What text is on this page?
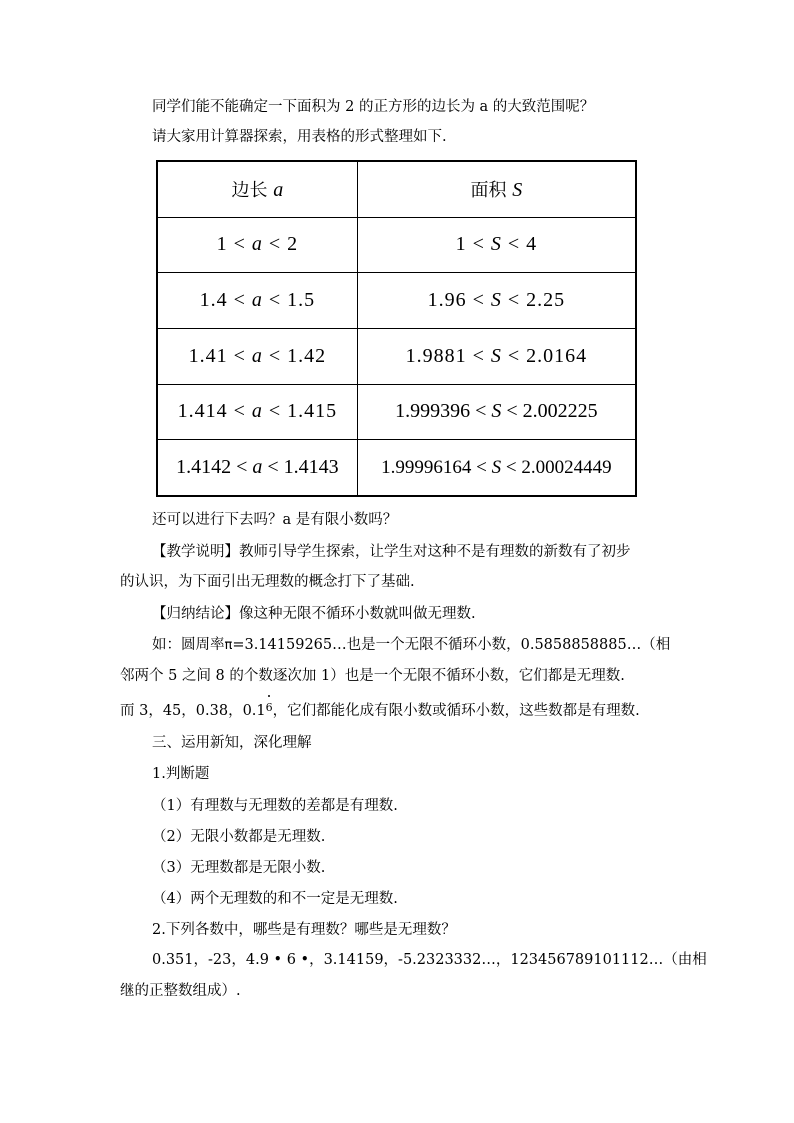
同学们能不能确定一下面积为 2 的正方形的边长为 a 的大致范围呢？
请大家用计算器探索，用表格的形式整理如下.
边长 a	面积 S
1 < a < 2	1 < S < 4
1.4 < a < 1.5	1.96 < S < 2.25
1.41 < a < 1.42	1.9881 < S < 2.0164
1.414 < a < 1.415	1.999396 < S < 2.002225
1.4142 < a < 1.4143	1.99996164 < S < 2.00024449
还可以进行下去吗？a 是有限小数吗？
【教学说明】教师引导学生探索，让学生对这种不是有理数的新数有了初步
的认识，为下面引出无理数的概念打下了基础.
【归纳结论】像这种无限不循环小数就叫做无理数.
如：圆周率π=3.14159265…也是一个无限不循环小数，0.5858858885…（相
邻两个 5 之间 8 的个数逐次加 1）也是一个无限不循环小数，它们都是无理数.
而 3，45，0.38，0.16，它们都能化成有限小数或循环小数，这些数都是有理数.
三、运用新知，深化理解
1.判断题
（1）有理数与无理数的差都是有理数.
（2）无限小数都是无理数.
（3）无理数都是无限小数.
（4）两个无理数的和不一定是无理数.
2.下列各数中，哪些是有理数？哪些是无理数？
0.351，-23，4.9 • 6 •，3.14159，-5.2323332…，123456789101112…（由相
继的正整数组成）.
